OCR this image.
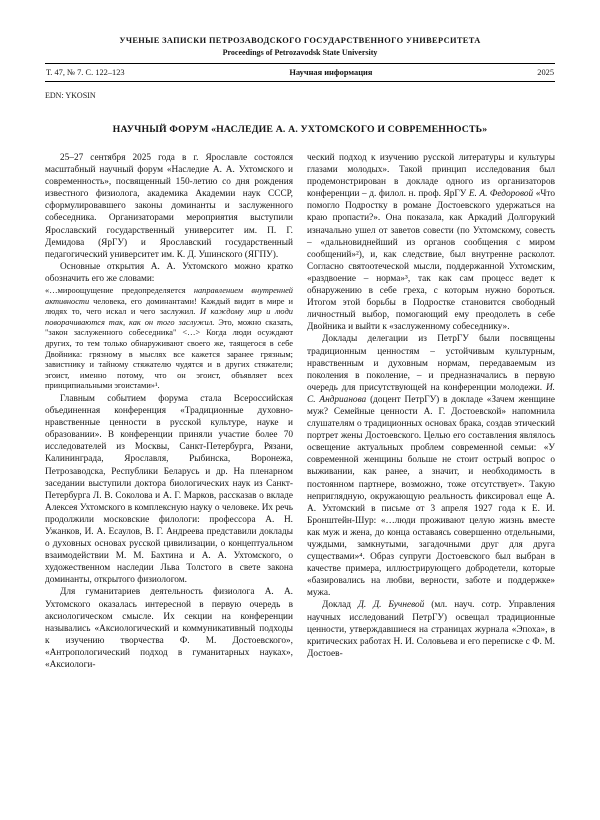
УЧЕНЫЕ ЗАПИСКИ ПЕТРОЗАВОДСКОГО ГОСУДАРСТВЕННОГО УНИВЕРСИТЕТА
Proceedings of Petrozavodsk State University
Т. 47, № 7. С. 122–123	Научная информация	2025
EDN: YKOSIN
НАУЧНЫЙ ФОРУМ «НАСЛЕДИЕ А. А. УХТОМСКОГО И СОВРЕМЕННОСТЬ»

25–27 сентября 2025 года в г. Ярославле состоялся масштабный научный форум «Наследие А. А. Ухтомского и современность», посвященный 150-летию со дня рождения известного физиолога, академика Академии наук СССР, сформулировавшего законы доминанты и заслуженного собеседника. Организаторами мероприятия выступили Ярославский государственный университет им. П. Г. Демидова (ЯрГУ) и Ярославский государственный педагогический университет им. К. Д. Ушинского (ЯГПУ).

Основные открытия А. А. Ухтомского можно кратко обозначить его же словами:

«…мироощущение предопределяется направлением внутренней активности человека, его доминантами! Каждый видит в мире и людях то, чего искал и чего заслужил. И каждому мир и люди поворачиваются так, как он того заслужил. Это, можно сказать, "закон заслуженного собеседника" <…> Когда люди осуждают других, то тем только обнаруживают своего же, таящегося в себе Двойника: грязному в мыслях все кажется заранее грязным; завистнику и тайному стяжателю чудятся и в других стяжатели; эгоист, именно потому, что он эгоист, объявляет всех принципиальными эгоистами»¹.

Главным событием форума стала Всероссийская объединенная конференция «Традиционные духовно-нравственные ценности в русской культуре, науке и образовании». В конференции приняли участие более 70 исследователей из Москвы, Санкт-Петербурга, Рязани, Калининграда, Ярославля, Рыбинска, Воронежа, Петрозаводска, Республики Беларусь и др. На пленарном заседании выступили доктора биологических наук из Санкт-Петербурга Л. В. Соколова и А. Г. Марков, рассказав о вкладе Алексея Ухтомского в комплексную науку о человеке. Их речь продолжили московские филологи: профессора А. Н. Ужанков, И. А. Есаулов, В. Г. Андреева представили доклады о духовных основах русской цивилизации, о концептуальном взаимодействии М. М. Бахтина и А. А. Ухтомского, о художественном наследии Льва Толстого в свете закона доминанты, открытого физиологом.

Для гуманитариев деятельность физиолога А. А. Ухтомского оказалась интересной в первую очередь в аксиологическом смысле. Их секции на конференции назывались «Аксиологический и коммуникативный подходы к изучению творчества Ф. М. Достоевского», «Антропологический подход в гуманитарных науках», «Аксиологи-

ческий подход к изучению русской литературы и культуры глазами молодых». Такой принцип исследования был продемонстрирован в докладе одного из организаторов конференции – д. филол. н. проф. ЯрГУ Е. А. Федоровой «Что помогло Подростку в романе Достоевского удержаться на краю пропасти?». Она показала, как Аркадий Долгорукий изначально ушел от заветов совести (по Ухтомскому, совесть – «дальновиднейший из органов сообщения с миром сообщений»²), и, как следствие, был внутренне расколот. Согласно святоотеческой мысли, поддержанной Ухтомским, «раздвоение – норма»³, так как сам процесс ведет к обнаружению в себе греха, с которым нужно бороться. Итогом этой борьбы в Подростке становится свободный личностный выбор, помогающий ему преодолеть в себе Двойника и выйти к «заслуженному собеседнику».

Доклады делегации из ПетрГУ были посвящены традиционным ценностям – устойчивым культурным, нравственным и духовным нормам, передаваемым из поколения в поколение, – и предназначались в первую очередь для присутствующей на конференции молодежи. И. С. Андрианова (доцент ПетрГУ) в докладе «Зачем женщине муж? Семейные ценности А. Г. Достоевской» напомнила слушателям о традиционных основах брака, создав этический портрет жены Достоевского. Целью его составления являлось освещение актуальных проблем современной семьи: «У современной женщины больше не стоит острый вопрос о выживании, как ранее, а значит, и необходимость в постоянном партнере, возможно, тоже отсутствует». Такую неприглядную, окружающую реальность фиксировал еще А. А. Ухтомский в письме от 3 апреля 1927 года к Е. И. Бронштейн-Шур: «…люди проживают целую жизнь вместе как муж и жена, до конца оставаясь совершенно отдельными, чуждыми, замкнутыми, загадочными друг для друга существами»⁴. Образ супруги Достоевского был выбран в качестве примера, иллюстрирующего добродетели, которые «базировались на любви, верности, заботе и поддержке» мужа.

Доклад Д. Д. Бучневой (мл. науч. сотр. Управления научных исследований ПетрГУ) освещал традиционные ценности, утверждавшиеся на страницах журнала «Эпоха», в критических работах Н. И. Соловьева и его переписке с Ф. М. Достоев-
